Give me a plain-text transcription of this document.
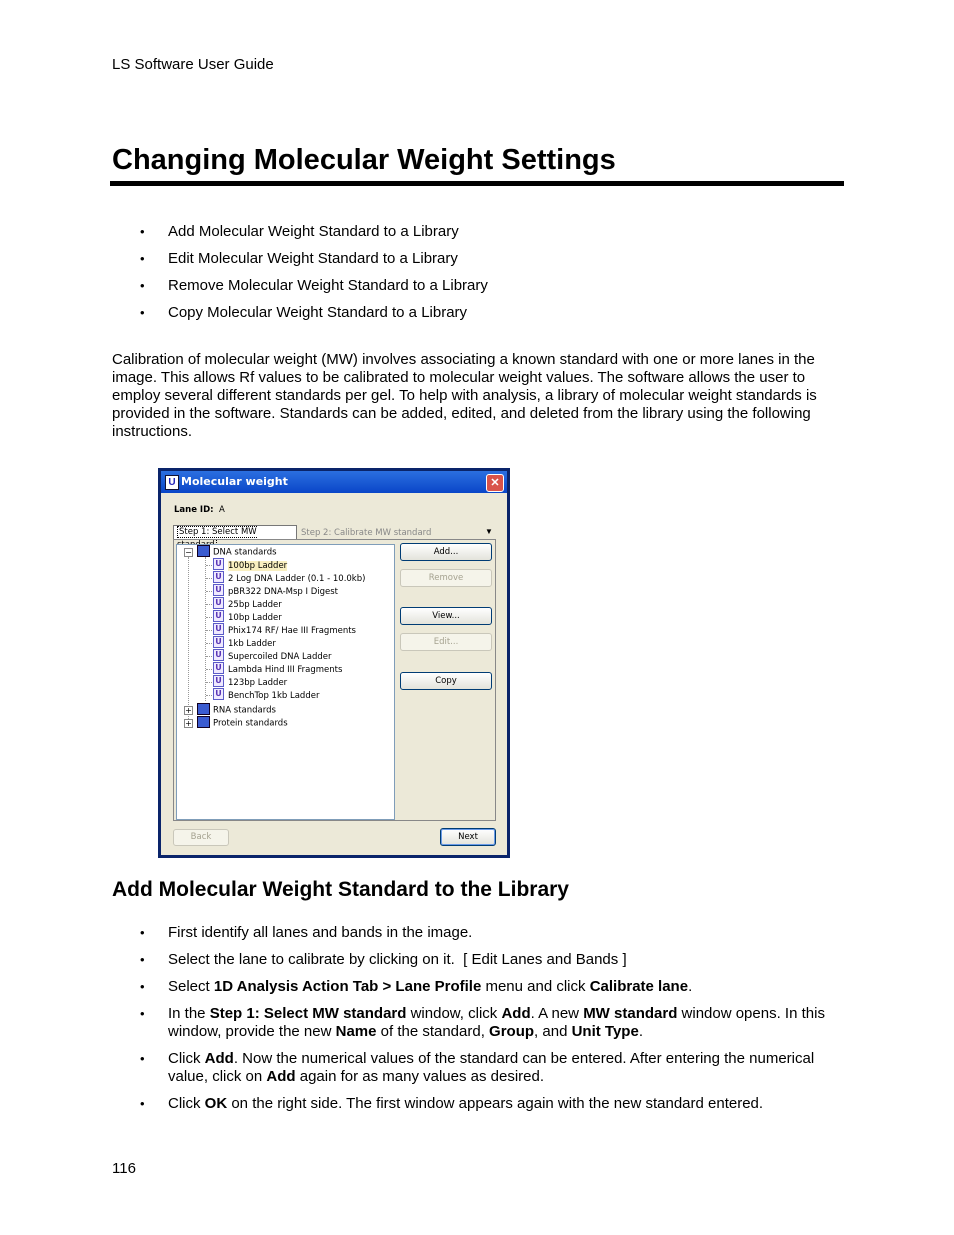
LS Software User Guide
Changing Molecular Weight Settings
• Add Molecular Weight Standard to a Library
• Edit Molecular Weight Standard to a Library
• Remove Molecular Weight Standard to a Library
• Copy Molecular Weight Standard to a Library
Calibration of molecular weight (MW) involves associating a known standard with one or more lanes in the image. This allows Rf values to be calibrated to molecular weight values. The software allows the user to employ several different standards per gel. To help with analysis, a library of molecular weight standards is provided in the software. Standards can be added, edited, and deleted from the library using the following instructions.
U Molecular weight	✕
Lane ID: A
Step 1: Select MW	Step 2: Calibrate MW standard	▼
−	DNA standards
U 100bp Ladder
U 2 Log DNA Ladder (0.1 - 10.0kb)
U pBR322 DNA-Msp I Digest
U 25bp Ladder
U 10bp Ladder
U Phix174 RF/ Hae III Fragments
U 1kb Ladder
U Supercoiled DNA Ladder
U Lambda Hind III Fragments
U 123bp Ladder
U BenchTop 1kb Ladder
+	RNA standards
+	Protein standards
Add...
Remove
View...
Edit...
Copy
Back	Next
Add Molecular Weight Standard to the Library
• First identify all lanes and bands in the image.
• Select the lane to calibrate by clicking on it.  [ Edit Lanes and Bands ]
• Select 1D Analysis Action Tab > Lane Profile menu and click Calibrate lane.
• In the Step 1: Select MW standard window, click Add. A new MW standard window opens. In this window, provide the new Name of the standard, Group, and Unit Type.
• Click Add. Now the numerical values of the standard can be entered. After entering the numerical value, click on Add again for as many values as desired.
• Click OK on the right side. The first window appears again with the new standard entered.
116
